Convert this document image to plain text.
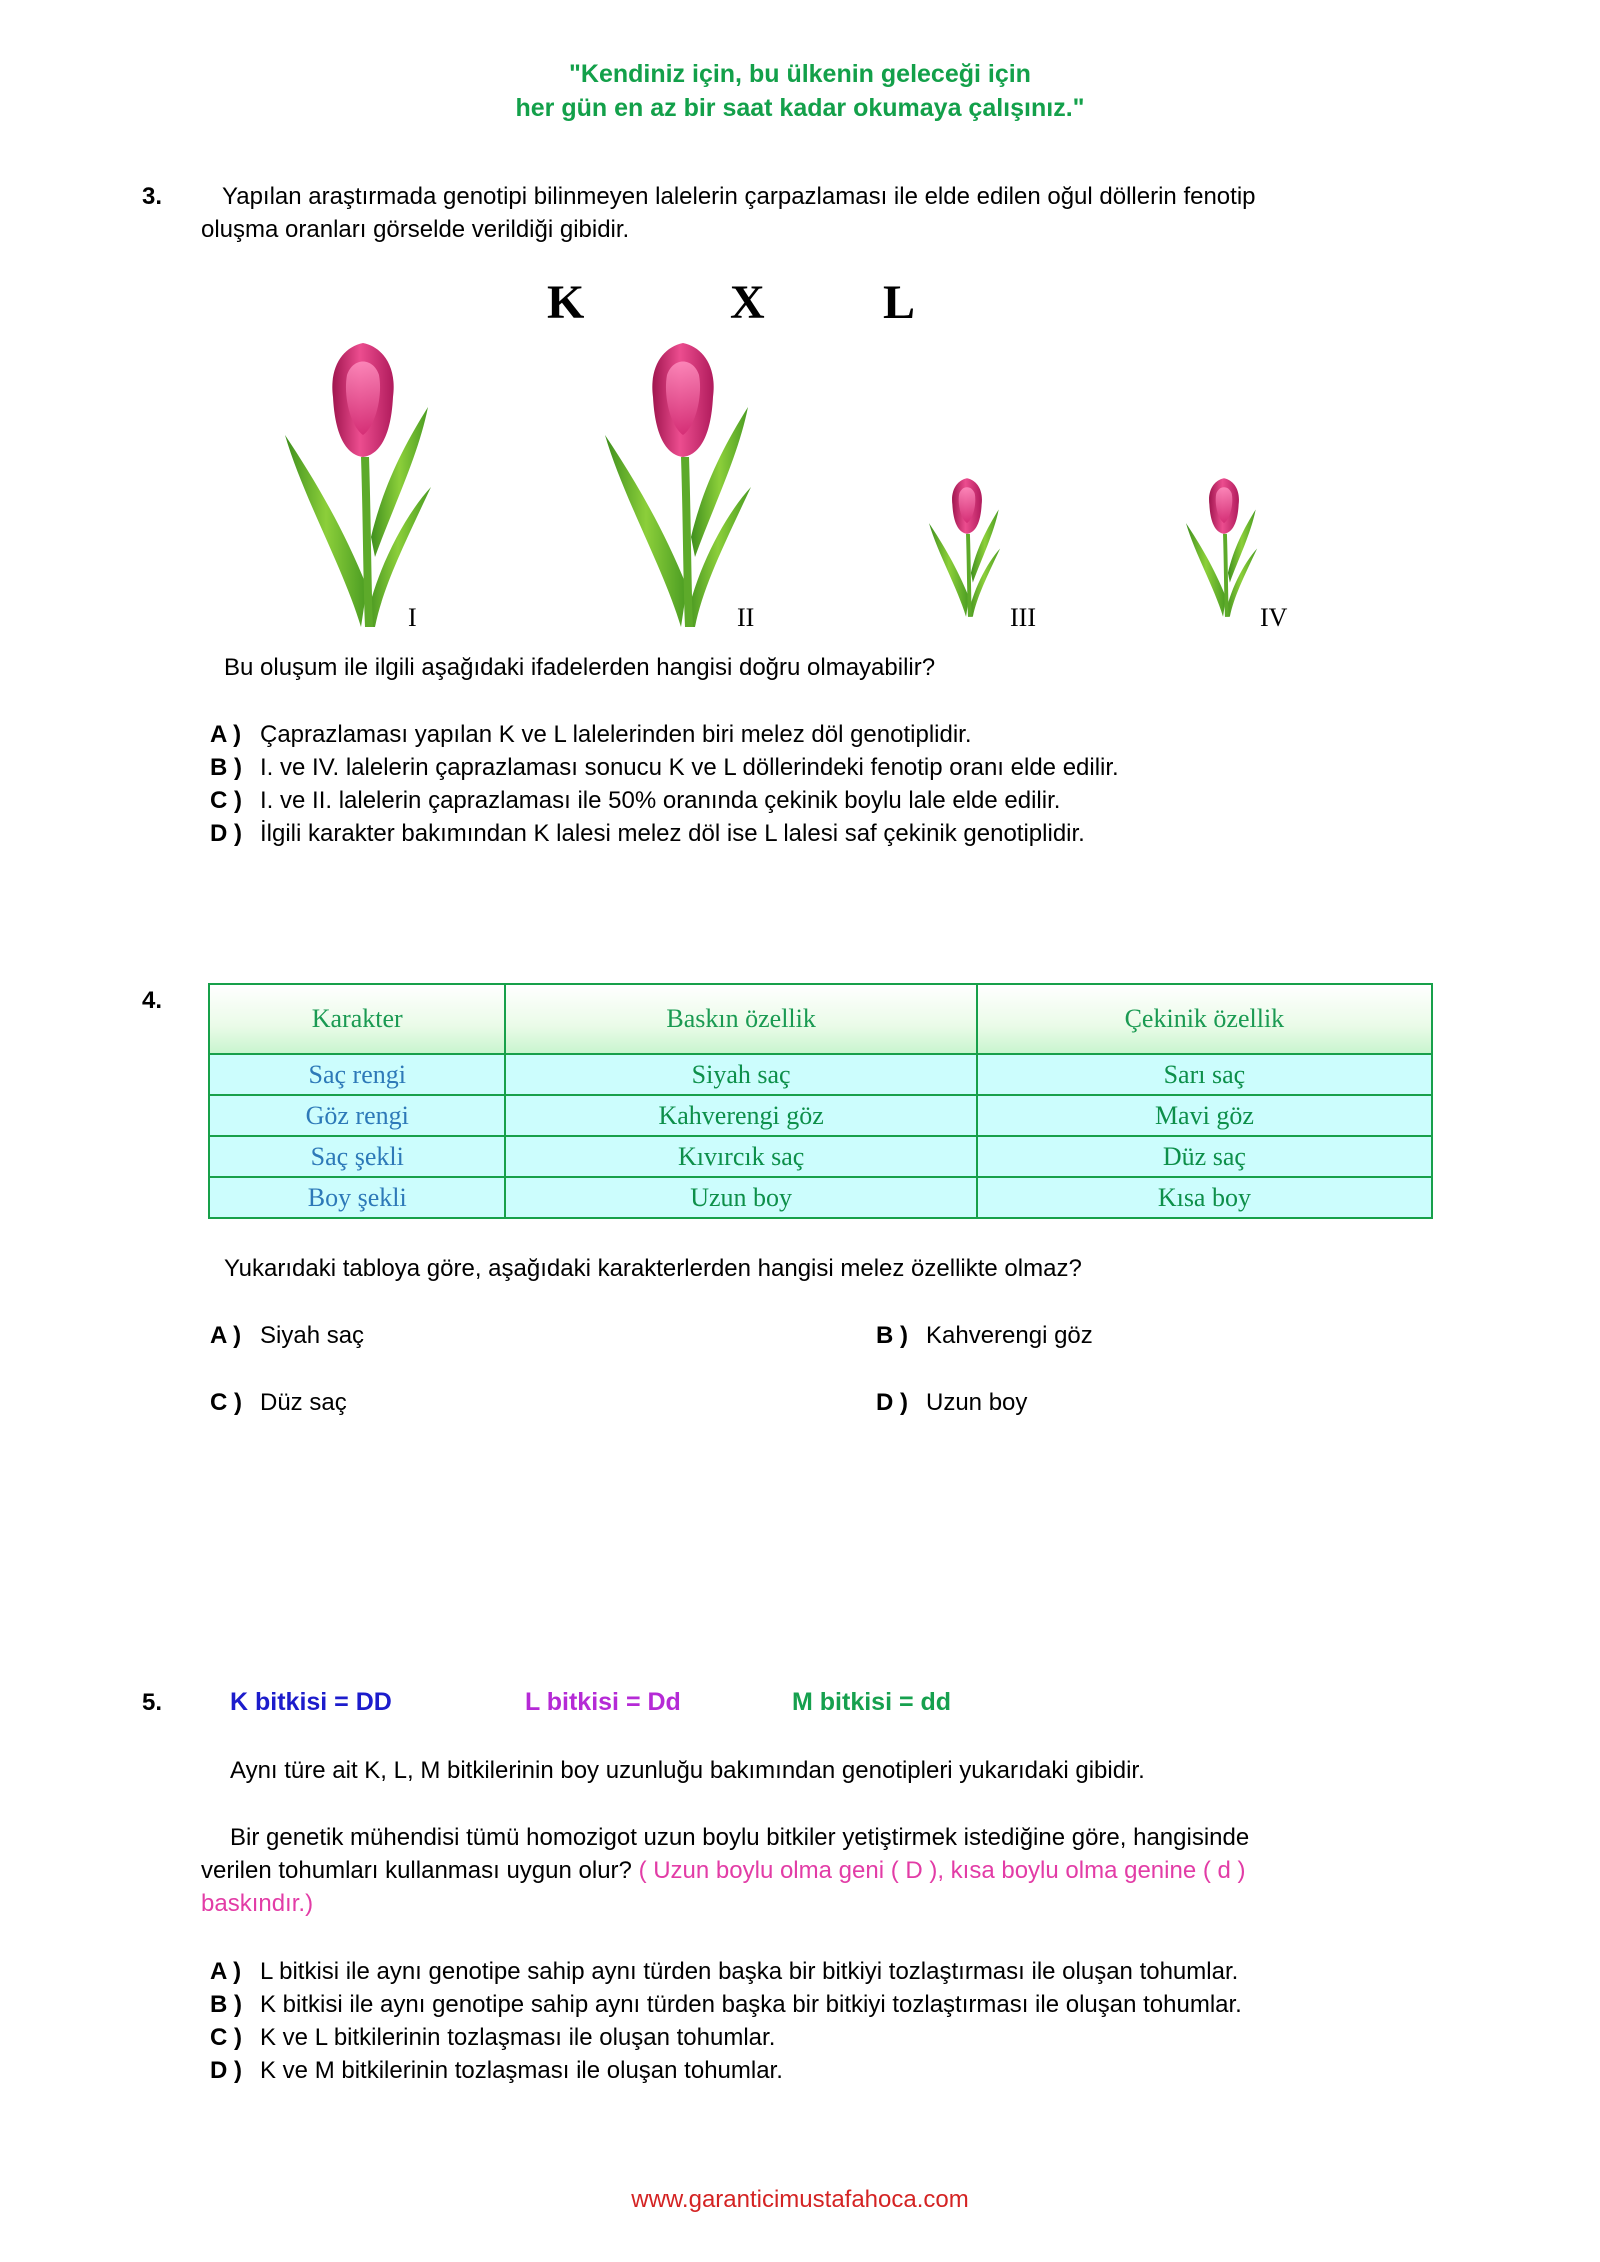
"Kendiniz için, bu ülkenin geleceği için
her gün en az bir saat kadar okumaya çalışınız."
3. Yapılan araştırmada genotipi bilinmeyen lalelerin çarpazlaması ile elde edilen oğul döllerin fenotip
oluşma oranları görselde verildiği gibidir.
K	X L
I	II	III	IV
Bu oluşum ile ilgili aşağıdaki ifadelerden hangisi doğru olmayabilir?
A ) Çaprazlaması yapılan K ve L lalelerinden biri melez döl genotiplidir.
B ) I. ve IV. lalelerin çaprazlaması sonucu K ve L döllerindeki fenotip oranı elde edilir.
C ) I. ve II. lalelerin çaprazlaması ile 50% oranında çekinik boylu lale elde edilir.
D ) İlgili karakter bakımından K lalesi melez döl ise L lalesi saf çekinik genotiplidir.
4.
Karakter	Baskın özellik	Çekinik özellik
Saç rengi	Siyah saç	Sarı saç
Göz rengi	Kahverengi göz	Mavi göz
Saç şekli	Kıvırcık saç	Düz saç
Boy şekli	Uzun boy	Kısa boy
Yukarıdaki tabloya göre, aşağıdaki karakterlerden hangisi melez özellikte olmaz?
A ) Siyah saç	B ) Kahverengi göz
C ) Düz saç	D ) Uzun boy
5.	K bitkisi = DD	L bitkisi = Dd	M bitkisi = dd
Aynı türe ait K, L, M bitkilerinin boy uzunluğu bakımından genotipleri yukarıdaki gibidir.
Bir genetik mühendisi tümü homozigot uzun boylu bitkiler yetiştirmek istediğine göre, hangisinde
verilen tohumları kullanması uygun olur? ( Uzun boylu olma geni ( D ), kısa boylu olma genine ( d )
baskındır.)
A ) L bitkisi ile aynı genotipe sahip aynı türden başka bir bitkiyi tozlaştırması ile oluşan tohumlar.
B ) K bitkisi ile aynı genotipe sahip aynı türden başka bir bitkiyi tozlaştırması ile oluşan tohumlar.
C ) K ve L bitkilerinin tozlaşması ile oluşan tohumlar.
D ) K ve M bitkilerinin tozlaşması ile oluşan tohumlar.
www.garanticimustafahoca.com
